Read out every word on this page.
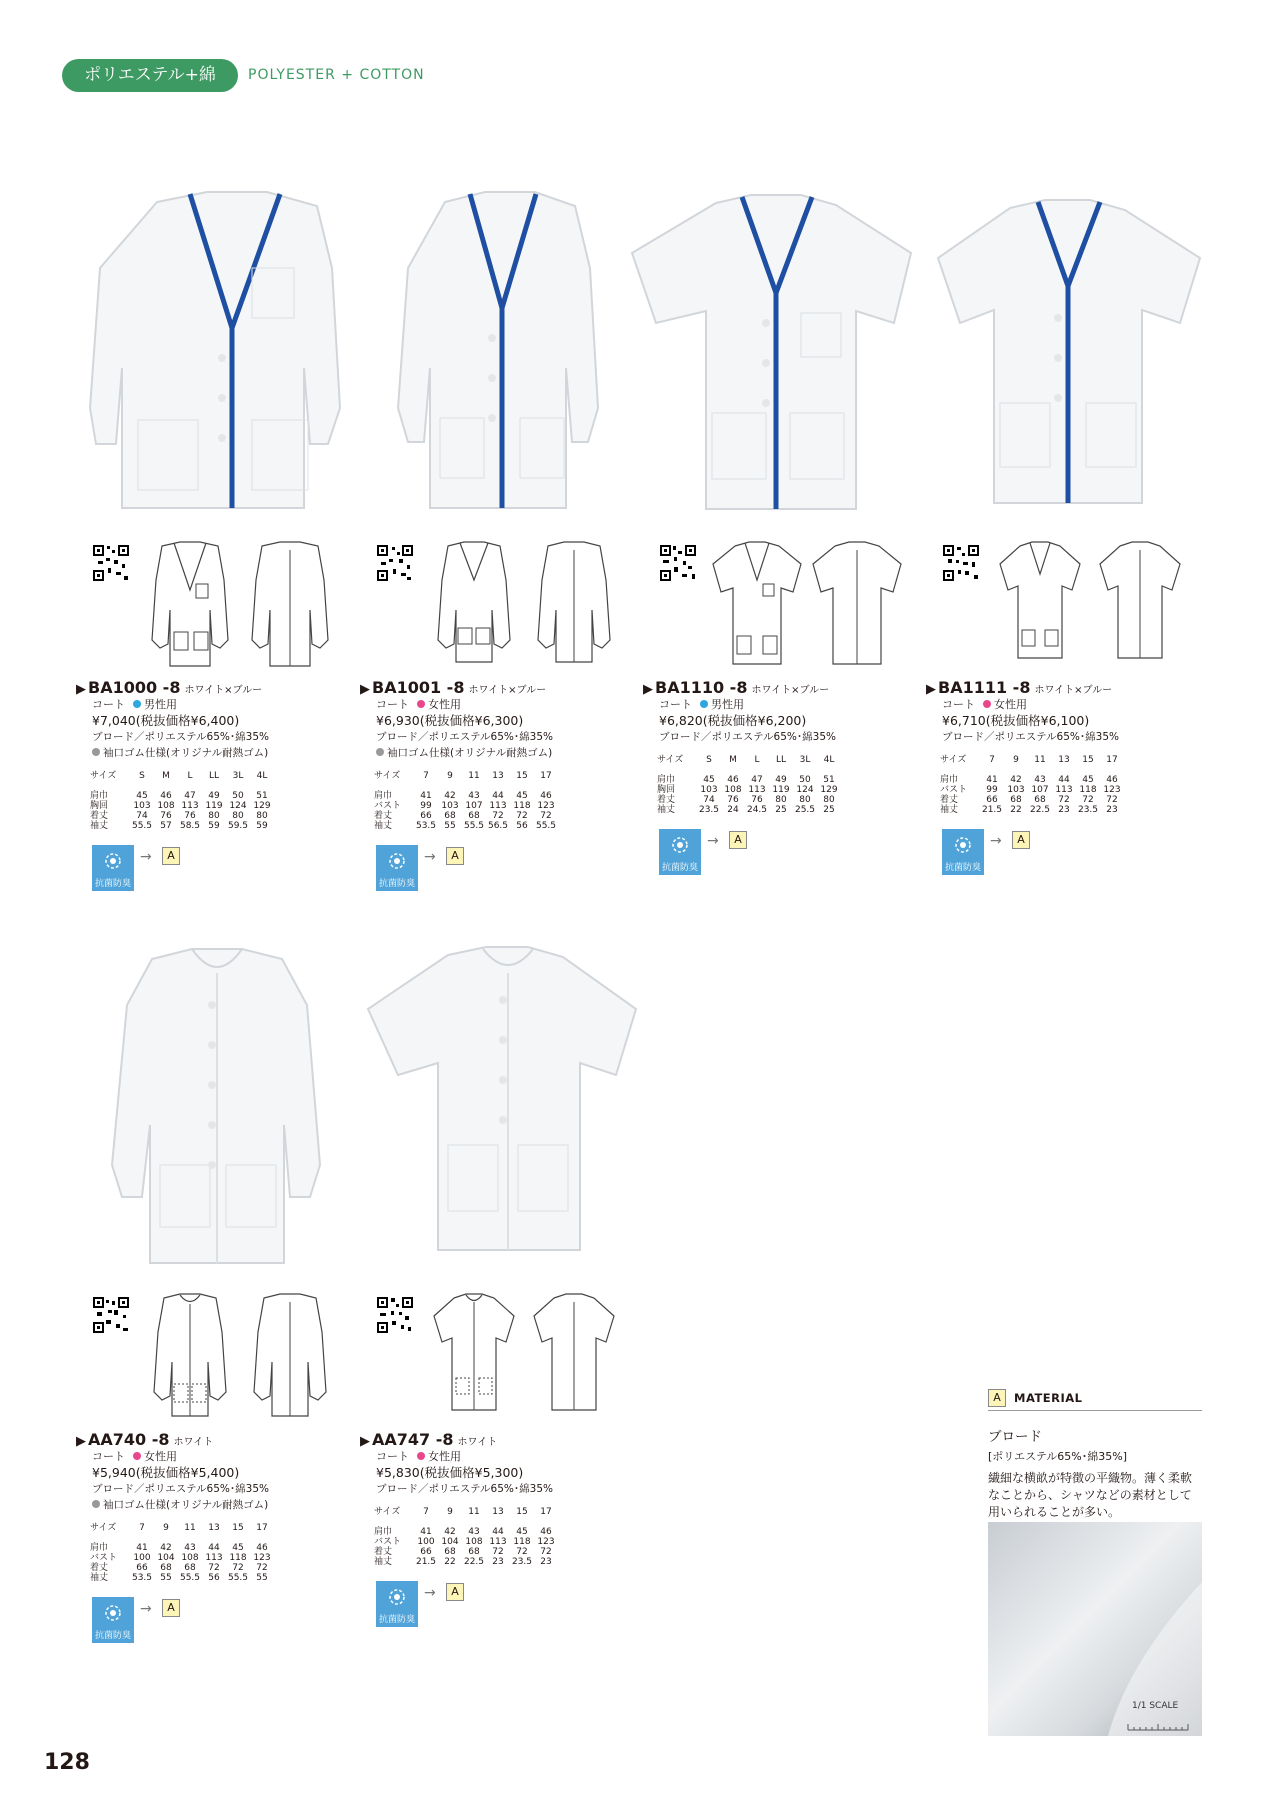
ポリエステル+綿	POLYESTER + COTTON
▶ BA1000 -8 ホワイト×ブルー
コート 男性用
¥7,040(税抜価格¥6,400)
ブロード／ポリエステル65%･綿35%
袖口ゴム仕様(オリジナル耐熱ゴム)
サイズ	S	M	L	LL	3L	4L
肩巾	45	46	47	49	50	51
胸回	103	108	113	119	124	129
着丈	74	76	76	80	80	80
袖丈	55.5	57	58.5	59	59.5	59
抗菌防臭
→	A
▶ BA1001 -8 ホワイト×ブルー
コート 女性用
¥6,930(税抜価格¥6,300)
ブロード／ポリエステル65%･綿35%
袖口ゴム仕様(オリジナル耐熱ゴム)
サイズ	7	9	11	13	15	17
肩巾	41	42	43	44	45	46
バスト	99	103	107	113	118	123
着丈	66	68	68	72	72	72
袖丈	53.5	55	55.5	56.5	56	55.5
抗菌防臭
→	A
▶ BA1110 -8 ホワイト×ブルー
コート 男性用
¥6,820(税抜価格¥6,200)
ブロード／ポリエステル65%･綿35%
サイズ	S	M	L	LL	3L	4L
肩巾	45	46	47	49	50	51
胸回	103	108	113	119	124	129
着丈	74	76	76	80	80	80
袖丈	23.5	24	24.5	25	25.5	25
抗菌防臭
→	A
▶ BA1111 -8 ホワイト×ブルー
コート 女性用
¥6,710(税抜価格¥6,100)
ブロード／ポリエステル65%･綿35%
サイズ	7	9	11	13	15	17
肩巾	41	42	43	44	45	46
バスト	99	103	107	113	118	123
着丈	66	68	68	72	72	72
袖丈	21.5	22	22.5	23	23.5	23
抗菌防臭
→	A
▶ AA740 -8 ホワイト
コート 女性用
¥5,940(税抜価格¥5,400)
ブロード／ポリエステル65%･綿35%
袖口ゴム仕様(オリジナル耐熱ゴム)
サイズ	7	9	11	13	15	17
肩巾	41	42	43	44	45	46
バスト	100	104	108	113	118	123
着丈	66	68	68	72	72	72
袖丈	53.5	55	55.5	56	55.5	55
抗菌防臭
→	A
▶ AA747 -8 ホワイト
コート 女性用
¥5,830(税抜価格¥5,300)
ブロード／ポリエステル65%･綿35%
サイズ	7	9	11	13	15	17
肩巾	41	42	43	44	45	46
バスト	100	104	108	113	118	123
着丈	66	68	68	72	72	72
袖丈	21.5	22	22.5	23	23.5	23
抗菌防臭
→	A
A	MATERIAL
ブロード
[ポリエステル65%･綿35%]
繊細な横畝が特徴の平織物。薄く柔軟なことから、シャツなどの素材として用いられることが多い。
1/1 SCALE
128
